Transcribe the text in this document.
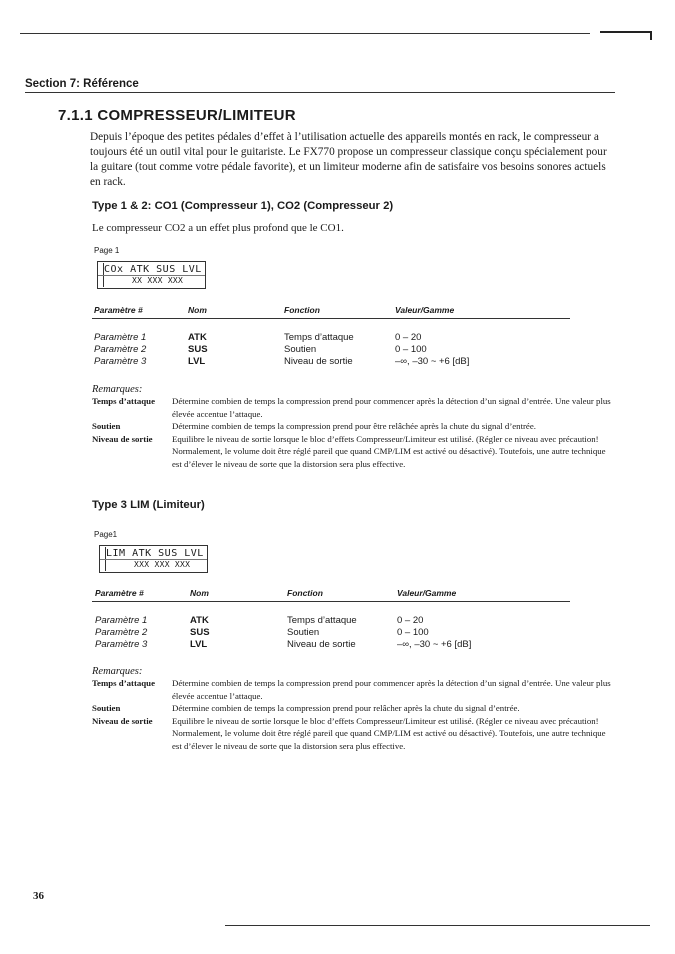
Section 7: Référence
7.1.1 COMPRESSEUR/LIMITEUR
Depuis l’époque des petites pédales d’effet à l’utilisation actuelle des appareils montés en rack, le compresseur a toujours été un outil vital pour le guitariste. Le FX770 propose un compresseur classique conçu spécialement pour la guitare (tout comme votre pédale favorite), et un limiteur moderne afin de satisfaire vos besoins sonores actuels en rack.
Type 1 & 2: CO1 (Compresseur 1), CO2 (Compresseur 2)
Le compresseur CO2 a un effet plus profond que le CO1.
Page 1
COx ATK SUS LVL
XX XXX XXX
Paramètre #	Nom	Fonction	Valeur/Gamme
Paramètre 1	ATK	Temps d’attaque	0 – 20
Paramètre 2	SUS	Soutien	0 – 100
Paramètre 3	LVL	Niveau de sortie	–∞, –30 ~ +6 [dB]
Remarques:
Temps d’attaque	Détermine combien de temps la compression prend pour commencer après la détection d’un signal d’entrée. Une valeur plus élevée accentue l’attaque.
Soutien	Détermine combien de temps la compression prend pour être relâchée après la chute du signal d’entrée.
Niveau de sortie	Equilibre le niveau de sortie lorsque le bloc d’effets Compresseur/Limiteur est utilisé. (Régler ce niveau avec précaution! Normalement, le volume doit être réglé pareil que quand CMP/LIM est activé ou désactivé). Toutefois, une autre technique est d’élever le niveau de sorte que la distorsion sera plus effective.
Type 3 LIM (Limiteur)
Page1
LIM ATK SUS LVL
XXX XXX XXX
Paramètre #	Nom	Fonction	Valeur/Gamme
Paramètre 1	ATK	Temps d’attaque	0 – 20
Paramètre 2	SUS	Soutien	0 – 100
Paramètre 3	LVL	Niveau de sortie	–∞, –30 ~ +6 [dB]
Remarques:
Temps d’attaque	Détermine combien de temps la compression prend pour commencer après la détection d’un signal d’entrée. Une valeur plus élevée accentue l’attaque.
Soutien	Détermine combien de temps la compression prend pour relâcher après la chute du signal d’entrée.
Niveau de sortie	Equilibre le niveau de sortie lorsque le bloc d’effets Compresseur/Limiteur est utilisé. (Régler ce niveau avec précaution! Normalement, le volume doit être réglé pareil que quand CMP/LIM est activé ou désactivé). Toutefois, une autre technique est d’élever le niveau de sorte que la distorsion sera plus effective.
36
